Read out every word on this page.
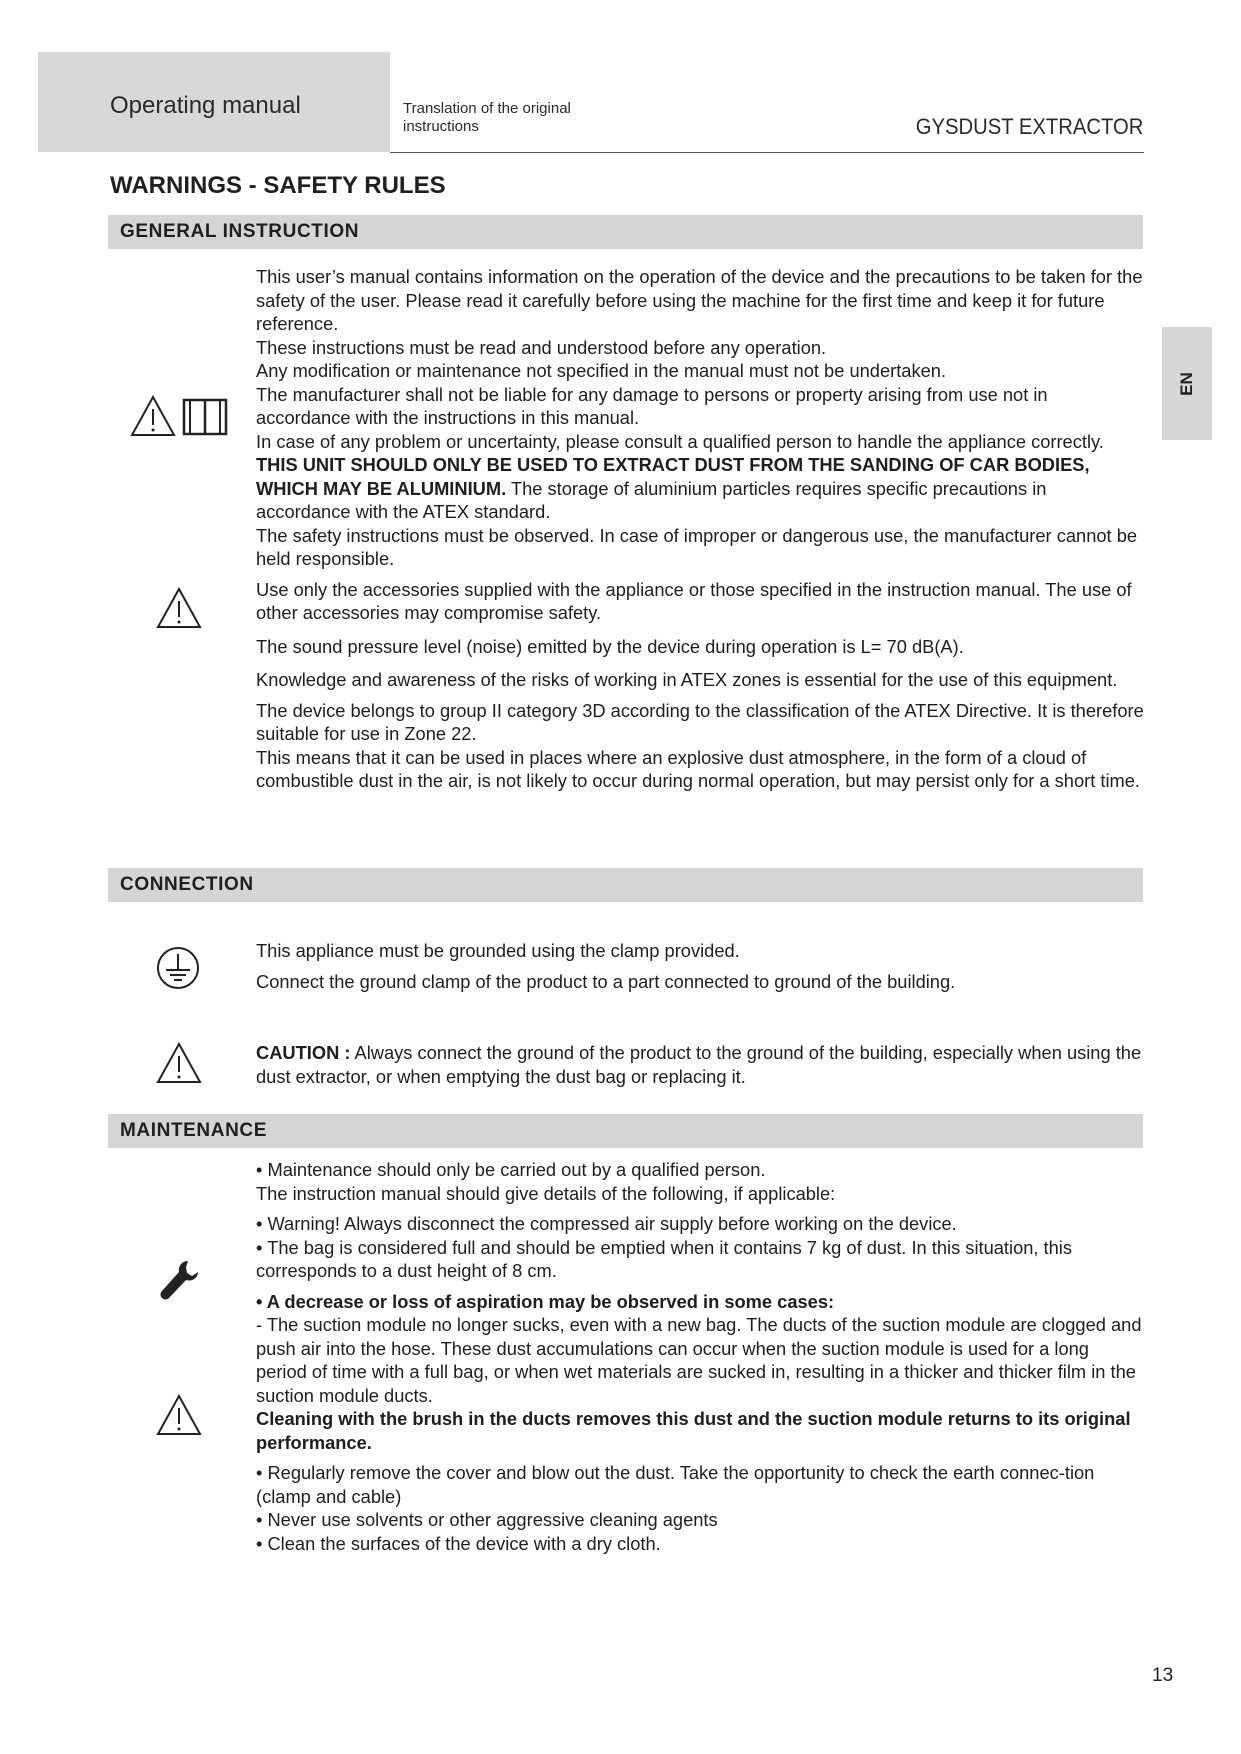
Operating manual	Translation of the original
instructions	GYSDUST EXTRACTOR
WARNINGS - SAFETY RULES
EN
GENERAL INSTRUCTION

This user’s manual contains information on the operation of the device and the precautions to be taken for the safety of the user. Please read it carefully before using the machine for the first time and keep it for future reference.

These instructions must be read and understood before any operation.

Any modification or maintenance not specified in the manual must not be undertaken.

The manufacturer shall not be liable for any damage to persons or property arising from use not in accordance with the instructions in this manual.

In case of any problem or uncertainty, please consult a qualified person to handle the appliance correctly. THIS UNIT SHOULD ONLY BE USED TO EXTRACT DUST FROM THE SANDING OF CAR BODIES, WHICH MAY BE ALUMINIUM. The storage of aluminium particles requires specific precautions in accordance with the ATEX standard.

The safety instructions must be observed. In case of improper or dangerous use, the manufacturer cannot be held responsible.

Use only the accessories supplied with the appliance or those specified in the instruction manual. The use of other accessories may compromise safety.

The sound pressure level (noise) emitted by the device during operation is L= 70 dB(A).

Knowledge and awareness of the risks of working in ATEX zones is essential for the use of this equipment.

The device belongs to group II category 3D according to the classification of the ATEX Directive. It is therefore suitable for use in Zone 22.

This means that it can be used in places where an explosive dust atmosphere, in the form of a cloud of combustible dust in the air, is not likely to occur during normal operation, but may persist only for a short time.

CONNECTION

This appliance must be grounded using the clamp provided.

Connect the ground clamp of the product to a part connected to ground of the building.

CAUTION : Always connect the ground of the product to the ground of the building, especially when using the dust extractor, or when emptying the dust bag or replacing it.

MAINTENANCE

• Maintenance should only be carried out by a qualified person.

The instruction manual should give details of the following, if applicable:

• Warning! Always disconnect the compressed air supply before working on the device.

• The bag is considered full and should be emptied when it contains 7 kg of dust. In this situation, this corresponds to a dust height of 8 cm.

• A decrease or loss of aspiration may be observed in some cases:

- The suction module no longer sucks, even with a new bag. The ducts of the suction module are clogged and push air into the hose. These dust accumulations can occur when the suction module is used for a long period of time with a full bag, or when wet materials are sucked in, resulting in a thicker and thicker film in the suction module ducts.

Cleaning with the brush in the ducts removes this dust and the suction module returns to its original performance.

• Regularly remove the cover and blow out the dust. Take the opportunity to check the earth connec-tion (clamp and cable)

• Never use solvents or other aggressive cleaning agents

• Clean the surfaces of the device with a dry cloth.

13
